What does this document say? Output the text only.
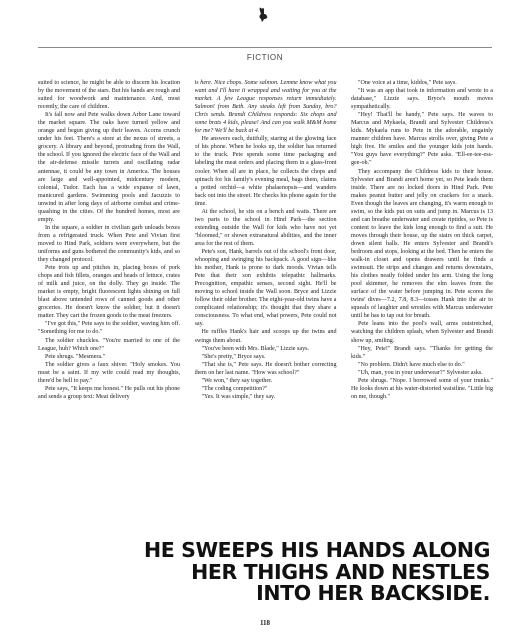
FICTION

suited to science, he might be able to discern his location by the movement of the stars. But his hands are rough and suited for woodwork and maintenance. And, most recently, the care of children.

It's fall now and Pete walks down Arbor Lane toward the market square. The oaks have turned yellow and orange and begun giving up their leaves. Acorns crunch under his feet. There's a store at the nexus of streets, a grocery. A library and beyond, protruding from the Wall, the school. If you ignored the electric face of the Wall and the air-defense missile turrets and oscillating radar antennae, it could be any town in America. The houses are large and well-appointed, midcentury modern, colonial, Tudor. Each has a wide expanse of lawn, manicured gardens. Swimming pools and Jacuzzis to unwind in after long days of airborne combat and crime-quashing in the cities. Of the hundred homes, most are empty.

In the square, a soldier in civilian garb unloads boxes from a refrigerated truck. When Pete and Vivian first moved to Hind Park, soldiers were everywhere, but the uniforms and guns bothered the community's kids, and so they changed protocol.

Pete trots up and pitches in, placing boxes of pork chops and fish fillets, oranges and heads of lettuce, crates of milk and juice, on the dolly. They go inside. The market is empty, bright fluorescent lights shining on full blast above untended rows of canned goods and other groceries. He doesn't know the soldier, but it doesn't matter. They cart the frozen goods to the meat freezers.

"I've got this," Pete says to the soldier, waving him off. "Something for me to do."

The soldier chuckles. "You're married to one of the League, huh? Which one?"

Pete shrugs. "Mesmera."

The soldier gives a faux shiver. "Holy smokes. You must be a saint. If my wife could read my thoughts, there'd be hell to pay."

Pete says, "It keeps me honest." He pulls out his phone and sends a group text: Meat delivery

is here. Nice chops. Some salmon. Lemme know what you want and I'll have it wrapped and waiting for you at the market. A few League responses return immediately. Salmon! from Beth. Any steaks left from Sunday, bro? Chris sends. Brandi Childress responds: Six chops and some brats 4 kids, please! And can you walk M&M home for me? We'll be back at 4.

He answers each, dutifully, staring at the glowing face of his phone. When he looks up, the soldier has returned to the truck. Pete spends some time packaging and labeling the meat orders and placing them in a glass-front cooler. When all are in place, he collects the chops and spinach for his family's evening meal, bags them, claims a potted orchid—a white phalaenopsis—and wanders back out into the street. He checks his phone again for the time.

At the school, he sits on a bench and waits. There are two parts to the school in Hind Park—the section extending outside the Wall for kids who have not yet "bloomed," or shown extranatural abilities, and the inner area for the rest of them.

Pete's son, Hank, barrels out of the school's front door, whooping and swinging his backpack. A good sign—like his mother, Hank is prone to dark moods. Vivian tells Pete that their son exhibits telepathic hallmarks. Precognition, empathic senses, second sight. He'll be moving to school inside the Wall soon. Bryce and Lizzie follow their older brother. The eight-year-old twins have a complicated relationship; it's thought that they share a consciousness. To what end, what powers, Pete could not say.

He ruffles Hank's hair and scoops up the twins and swings them about.

"You've been with Mrs. Blade," Lizzie says.

"She's pretty," Bryce says.

"That she is," Pete says. He doesn't bother correcting them on her last name. "How was school?"

"We won," they say together.

"The coding competition?"

"Yes. It was simple," they say.

"One voice at a time, kiddos," Pete says.

"It was an app that took in information and wrote to a database," Lizzie says. Bryce's mouth moves sympathetically.

"Hey! That'll be handy," Pete says. He waves to Marcus and Mykaela, Brandi and Sylvester Childress's kids. Mykaela runs to Pete in the adorable, ungainly manner children have. Marcus strolls over, giving Pete a high five. He smiles and the younger kids join hands. "You guys have everything?" Pete asks. "Ell-ee-tee-ess-gee-oh."

They accompany the Childress kids to their house. Sylvester and Brandi aren't home yet, so Pete leads them inside. There are no locked doors in Hind Park. Pete makes peanut butter and jelly on crackers for a snack. Even though the leaves are changing, it's warm enough to swim, so the kids put on suits and jump in. Marcus is 13 and can breathe underwater and create riptides, so Pete is content to leave the kids long enough to find a suit. He moves through their house, up the stairs on thick carpet, down silent halls. He enters Sylvester and Brandi's bedroom and stops, looking at the bed. Then he enters the walk-in closet and opens drawers until he finds a swimsuit. He strips and changes and returns downstairs, his clothes neatly folded under his arm. Using the long pool skimmer, he removes the elm leaves from the surface of the water before jumping in. Pete scores the twins' dives—7.2, 7.8, 8.3—tosses Hank into the air to squeals of laughter and wrestles with Marcus underwater until he has to tap out for breath.

Pete leans into the pool's wall, arms outstretched, watching the children splash, when Sylvester and Brandi show up, smiling.

"Hey, Pete!" Brandi says. "Thanks for getting the kids."

"No problem. Didn't have much else to do."

"Uh, man, you in your underwear?" Sylvester asks.

Pete shrugs. "Nope. I borrowed some of your trunks." He looks down at his water-distorted waistline. "Little big on me, though."

HE SWEEPS HIS HANDS ALONG
HER THIGHS AND NESTLES
INTO HER BACKSIDE.
118
